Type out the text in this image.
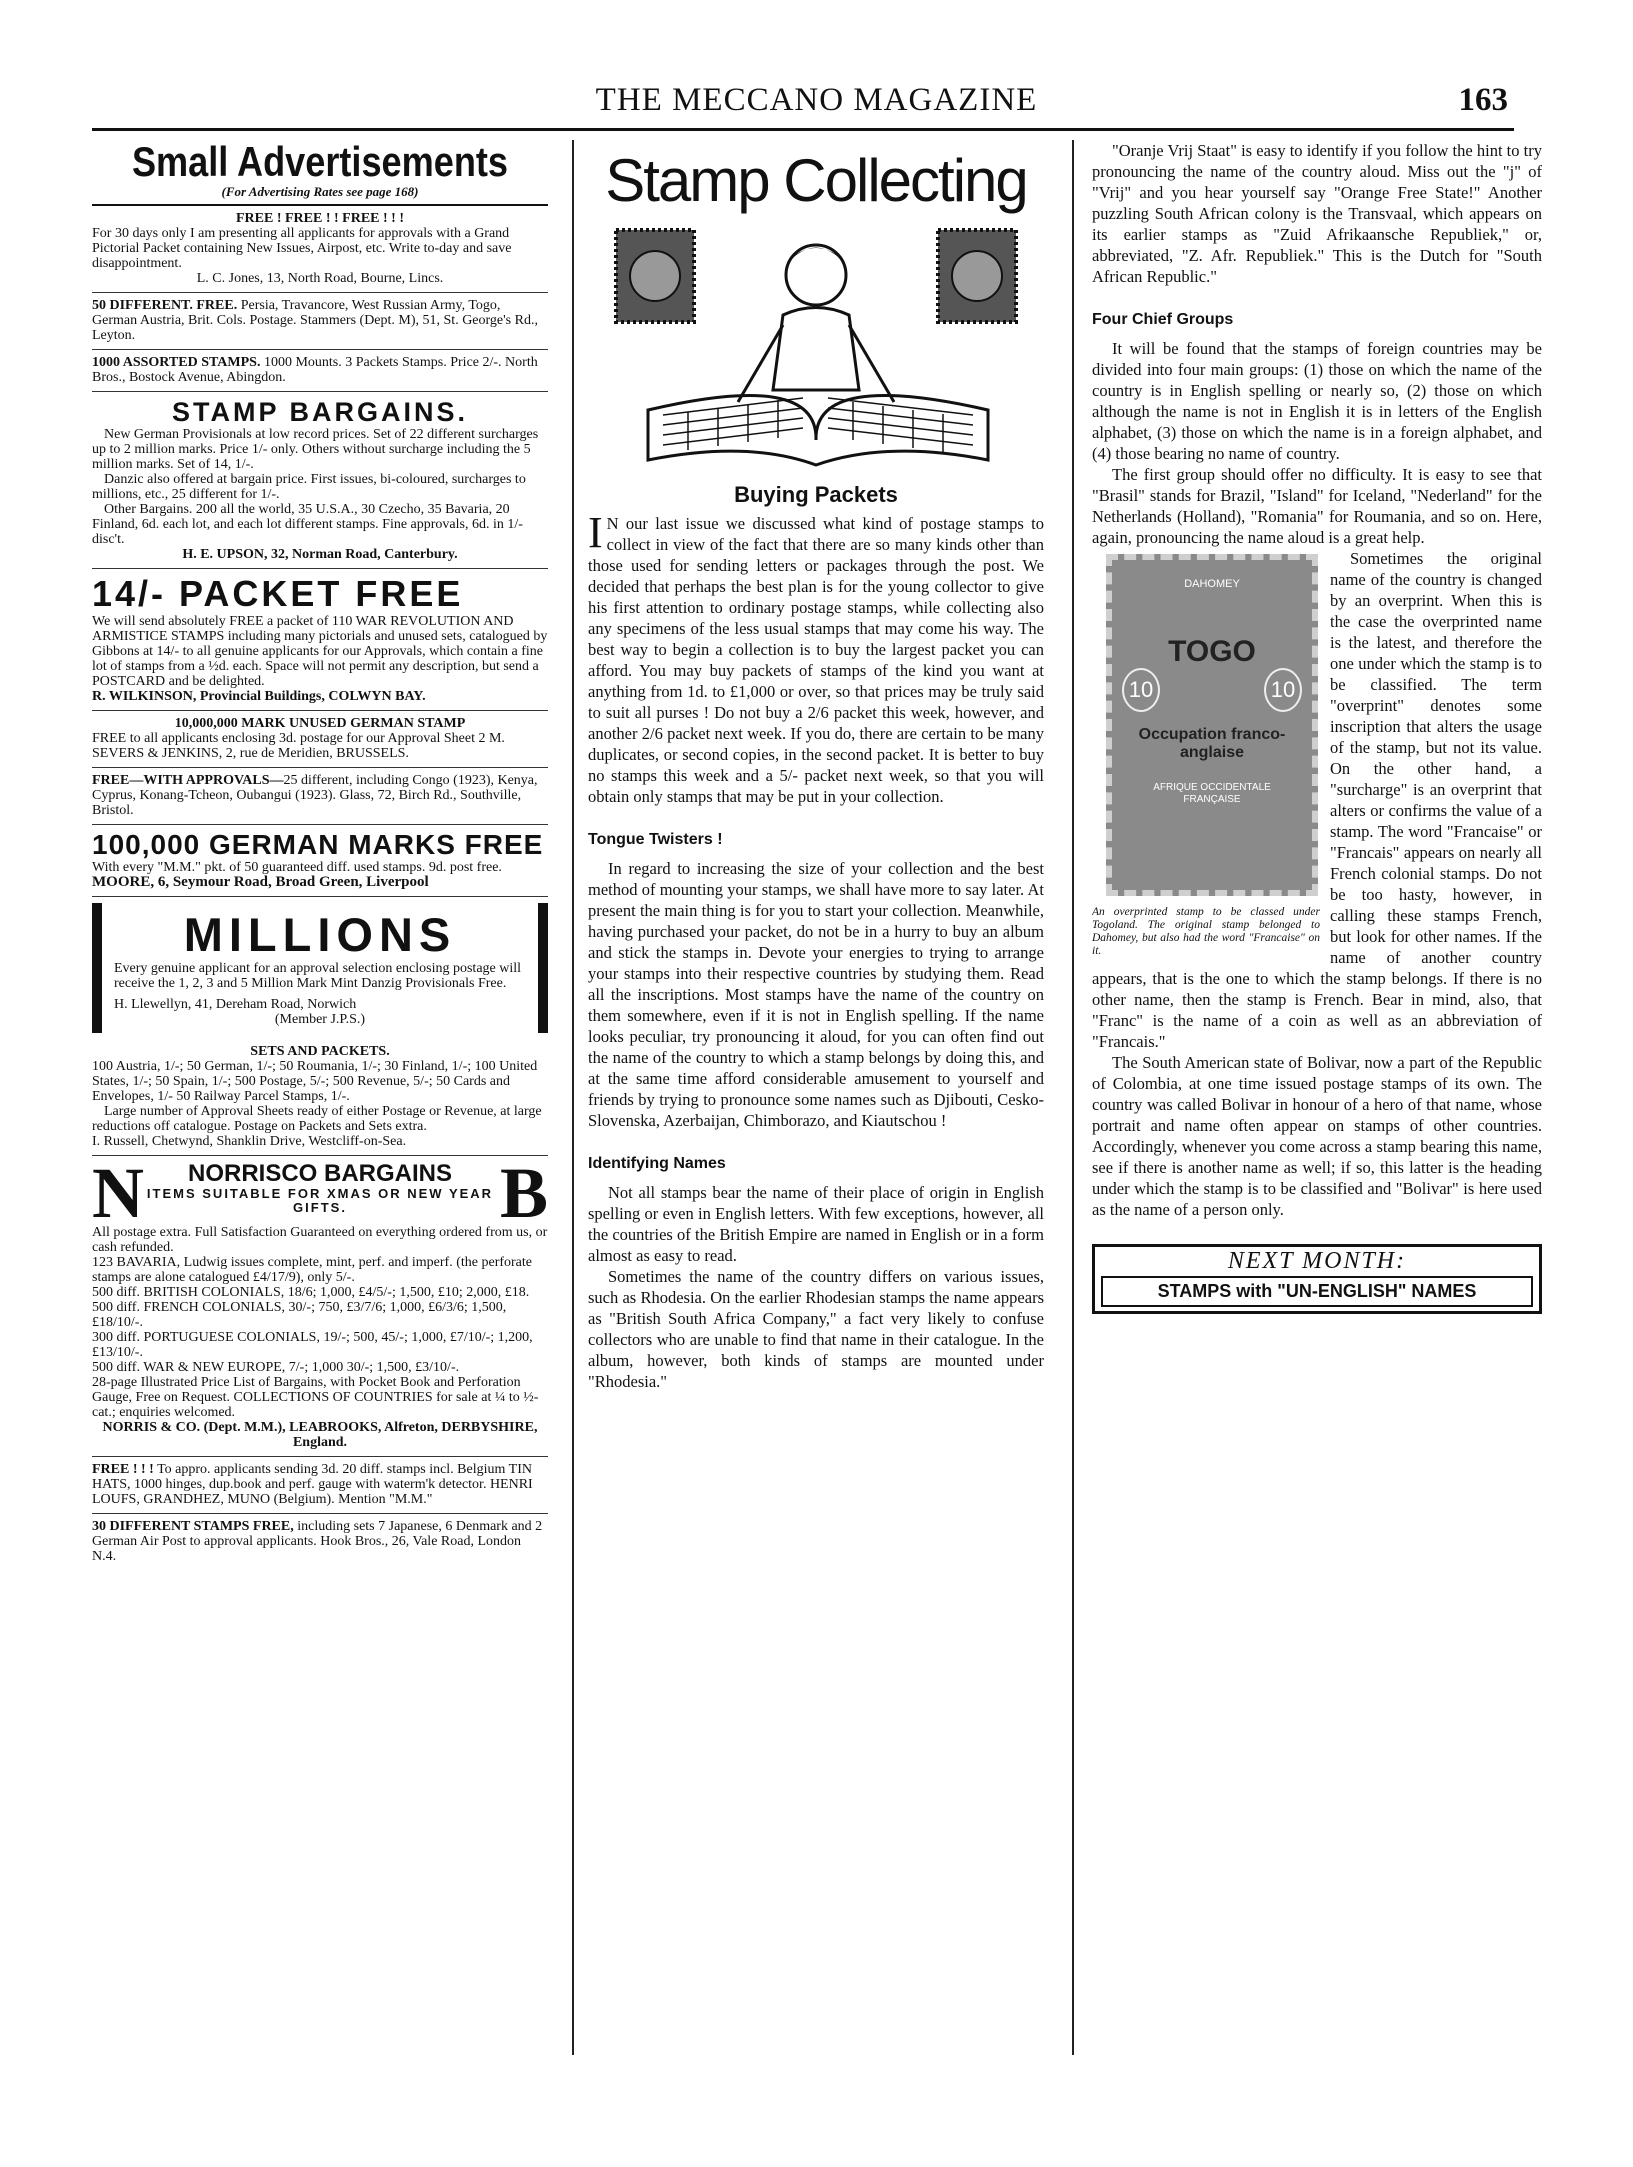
THE MECCANO MAGAZINE	163
Small Advertisements
(For Advertising Rates see page 168)

FREE ! FREE ! ! FREE ! ! !

For 30 days only I am presenting all applicants for approvals with a Grand Pictorial Packet containing New Issues, Airpost, etc. Write to-day and save disappointment.

L. C. Jones, 13, North Road, Bourne, Lincs.

50 DIFFERENT. FREE. Persia, Travancore, West Russian Army, Togo, German Austria, Brit. Cols. Postage. Stammers (Dept. M), 51, St. George's Rd., Leyton.

1000 ASSORTED STAMPS. 1000 Mounts. 3 Packets Stamps. Price 2/-. North Bros., Bostock Avenue, Abingdon.

STAMP BARGAINS.

New German Provisionals at low record prices. Set of 22 different surcharges up to 2 million marks. Price 1/- only. Others without surcharge including the 5 million marks. Set of 14, 1/-.

Danzic also offered at bargain price. First issues, bi-coloured, surcharges to millions, etc., 25 different for 1/-.

Other Bargains. 200 all the world, 35 U.S.A., 30 Czecho, 35 Bavaria, 20 Finland, 6d. each lot, and each lot different stamps. Fine approvals, 6d. in 1/- disc't.

H. E. UPSON, 32, Norman Road, Canterbury.

14/- PACKET FREE

We will send absolutely FREE a packet of 110 WAR REVOLUTION AND ARMISTICE STAMPS including many pictorials and unused sets, catalogued by Gibbons at 14/- to all genuine applicants for our Approvals, which contain a fine lot of stamps from a ½d. each. Space will not permit any description, but send a POSTCARD and be delighted.

R. WILKINSON, Provincial Buildings, COLWYN BAY.

10,000,000 MARK UNUSED GERMAN STAMP

FREE to all applicants enclosing 3d. postage for our Approval Sheet 2 M.

SEVERS & JENKINS, 2, rue de Meridien, BRUSSELS.

FREE—WITH APPROVALS—25 different, including Congo (1923), Kenya, Cyprus, Konang-Tcheon, Oubangui (1923). Glass, 72, Birch Rd., Southville, Bristol.

100,000 GERMAN MARKS FREE

With every "M.M." pkt. of 50 guaranteed diff. used stamps. 9d. post free.

MOORE, 6, Seymour Road, Broad Green, Liverpool

MILLIONS

Every genuine applicant for an approval selection enclosing postage will receive the 1, 2, 3 and 5 Million Mark Mint Danzig Provisionals Free.

H. Llewellyn, 41, Dereham Road, Norwich

(Member J.P.S.)

SETS AND PACKETS.

100 Austria, 1/-; 50 German, 1/-; 50 Roumania, 1/-; 30 Finland, 1/-; 100 United States, 1/-; 50 Spain, 1/-; 500 Postage, 5/-; 500 Revenue, 5/-; 50 Cards and Envelopes, 1/- 50 Railway Parcel Stamps, 1/-.

Large number of Approval Sheets ready of either Postage or Revenue, at large reductions off catalogue. Postage on Packets and Sets extra.

I. Russell, Chetwynd, Shanklin Drive, Westcliff-on-Sea.

N	NORRISCO BARGAINS
ITEMS SUITABLE FOR XMAS OR NEW YEAR GIFTS.	B

All postage extra. Full Satisfaction Guaranteed on everything ordered from us, or cash refunded.

123 BAVARIA, Ludwig issues complete, mint, perf. and imperf. (the perforate stamps are alone catalogued £4/17/9), only 5/-.

500 diff. BRITISH COLONIALS, 18/6; 1,000, £4/5/-; 1,500, £10; 2,000, £18.

500 diff. FRENCH COLONIALS, 30/-; 750, £3/7/6; 1,000, £6/3/6; 1,500, £18/10/-.

300 diff. PORTUGUESE COLONIALS, 19/-; 500, 45/-; 1,000, £7/10/-; 1,200, £13/10/-.

500 diff. WAR & NEW EUROPE, 7/-; 1,000 30/-; 1,500, £3/10/-.

28-page Illustrated Price List of Bargains, with Pocket Book and Perforation Gauge, Free on Request. COLLECTIONS OF COUNTRIES for sale at ¼ to ½-cat.; enquiries welcomed.

NORRIS & CO. (Dept. M.M.), LEABROOKS, Alfreton, DERBYSHIRE, England.

FREE ! ! ! To appro. applicants sending 3d. 20 diff. stamps incl. Belgium TIN HATS, 1000 hinges, dup.book and perf. gauge with waterm'k detector. HENRI LOUFS, GRANDHEZ, MUNO (Belgium). Mention "M.M."

30 DIFFERENT STAMPS FREE, including sets 7 Japanese, 6 Denmark and 2 German Air Post to approval applicants. Hook Bros., 26, Vale Road, London N.4.

Stamp Collecting
Buying Packets

I N our last issue we discussed what kind of postage stamps to collect in view of the fact that there are so many kinds other than those used for sending letters or packages through the post. We decided that perhaps the best plan is for the young collector to give his first attention to ordinary postage stamps, while collecting also any specimens of the less usual stamps that may come his way. The best way to begin a collection is to buy the largest packet you can afford. You may buy packets of stamps of the kind you want at anything from 1d. to £1,000 or over, so that prices may be truly said to suit all purses ! Do not buy a 2/6 packet this week, however, and another 2/6 packet next week. If you do, there are certain to be many duplicates, or second copies, in the second packet. It is better to buy no stamps this week and a 5/- packet next week, so that you will obtain only stamps that may be put in your collection.

Tongue Twisters !

In regard to increasing the size of your collection and the best method of mounting your stamps, we shall have more to say later. At present the main thing is for you to start your collection. Meanwhile, having purchased your packet, do not be in a hurry to buy an album and stick the stamps in. Devote your energies to trying to arrange your stamps into their respective countries by studying them. Read all the inscriptions. Most stamps have the name of the country on them somewhere, even if it is not in English spelling. If the name looks peculiar, try pronouncing it aloud, for you can often find out the name of the country to which a stamp belongs by doing this, and at the same time afford considerable amusement to yourself and friends by trying to pronounce some names such as Djibouti, Cesko-Slovenska, Azerbaijan, Chimborazo, and Kiautschou !

Identifying Names

Not all stamps bear the name of their place of origin in English spelling or even in English letters. With few exceptions, however, all the countries of the British Empire are named in English or in a form almost as easy to read.

Sometimes the name of the country differs on various issues, such as Rhodesia. On the earlier Rhodesian stamps the name appears as "British South Africa Company," a fact very likely to confuse collectors who are unable to find that name in their catalogue. In the album, however, both kinds of stamps are mounted under "Rhodesia."

"Oranje Vrij Staat" is easy to identify if you follow the hint to try pronouncing the name of the country aloud. Miss out the "j" of "Vrij" and you hear yourself say "Orange Free State!" Another puzzling South African colony is the Transvaal, which appears on its earlier stamps as "Zuid Afrikaansche Republiek," or, abbreviated, "Z. Afr. Republiek." This is the Dutch for "South African Republic."

Four Chief Groups

It will be found that the stamps of foreign countries may be divided into four main groups: (1) those on which the name of the country is in English spelling or nearly so, (2) those on which although the name is not in English it is in letters of the English alphabet, (3) those on which the name is in a foreign alphabet, and (4) those bearing no name of country.

The first group should offer no difficulty. It is easy to see that "Brasil" stands for Brazil, "Island" for Iceland, "Nederland" for the Netherlands (Holland), "Romania" for Roumania, and so on. Here, again, pronouncing the name aloud is a great help.

DAHOMEY
TOGO
10	10
Occupation franco-anglaise
AFRIQUE OCCIDENTALE FRANÇAISE
An overprinted stamp to be classed under Togoland. The original stamp belonged to Dahomey, but also had the word "Francaise" on it.

Sometimes the original name of the country is changed by an overprint. When this is the case the overprinted name is the latest, and therefore the one under which the stamp is to be classified. The term "overprint" denotes some inscription that alters the usage of the stamp, but not its value. On the other hand, a "surcharge" is an overprint that alters or confirms the value of a stamp. The word "Francaise" or "Francais" appears on nearly all French colonial stamps. Do not be too hasty, however, in calling these stamps French, but look for other names. If the name of another country appears, that is the one to which the stamp belongs. If there is no other name, then the stamp is French. Bear in mind, also, that "Franc" is the name of a coin as well as an abbreviation of "Francais."

The South American state of Bolivar, now a part of the Republic of Colombia, at one time issued postage stamps of its own. The country was called Bolivar in honour of a hero of that name, whose portrait and name often appear on stamps of other countries. Accordingly, whenever you come across a stamp bearing this name, see if there is another name as well; if so, this latter is the heading under which the stamp is to be classified and "Bolivar" is here used as the name of a person only.

NEXT MONTH:
STAMPS with "UN-ENGLISH" NAMES
